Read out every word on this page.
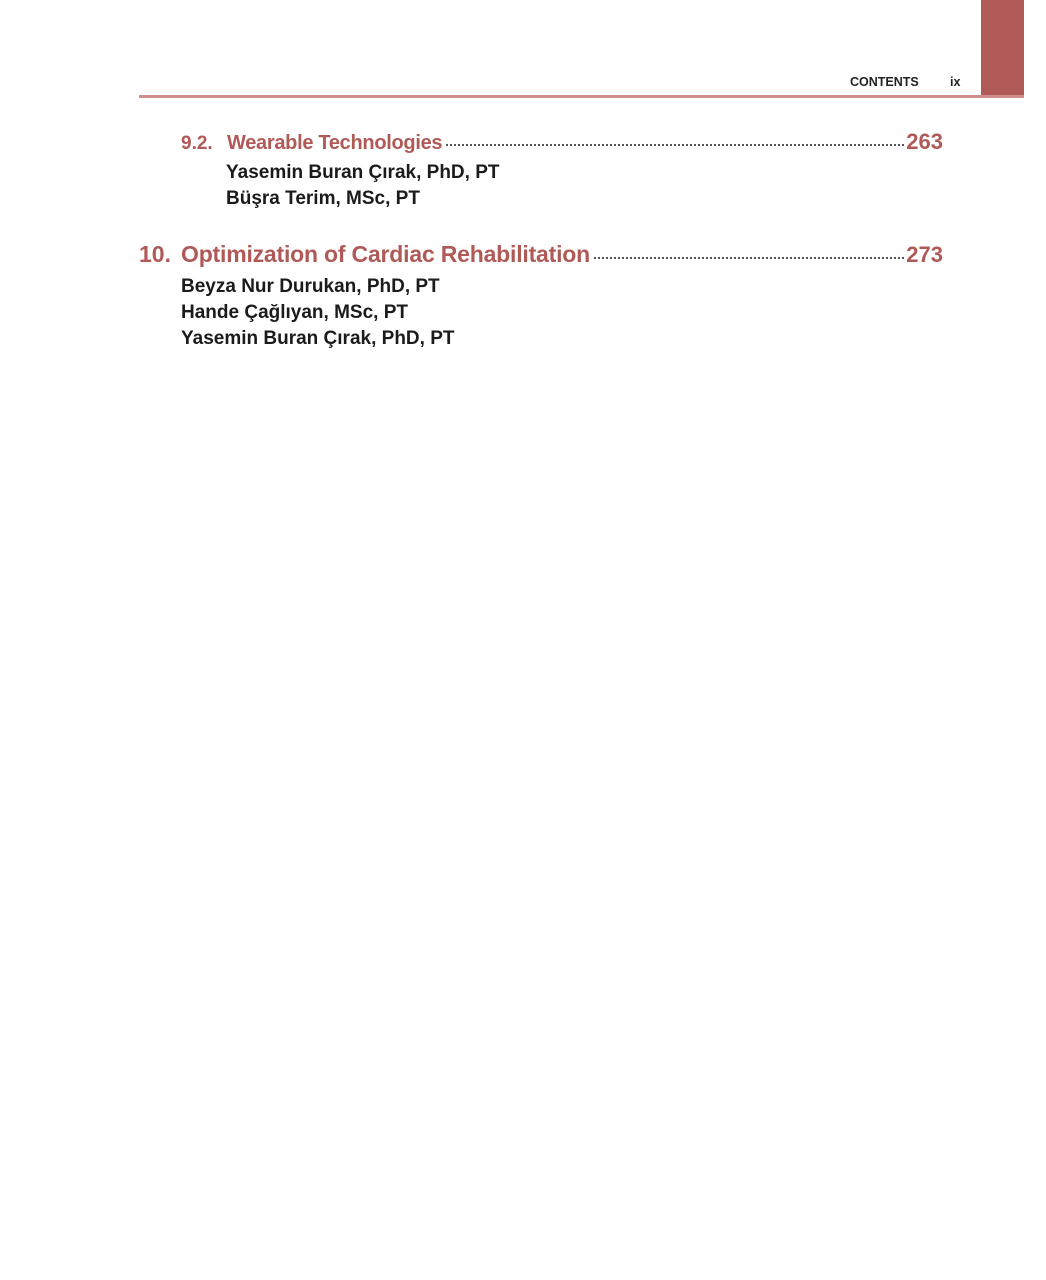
CONTENTS	ix
9.2. Wearable Technologies	263
Yasemin Buran Çırak, PhD, PT
Büşra Terim, MSc, PT
10. Optimization of Cardiac Rehabilitation	273
Beyza Nur Durukan, PhD, PT
Hande Çağlıyan, MSc, PT
Yasemin Buran Çırak, PhD, PT
